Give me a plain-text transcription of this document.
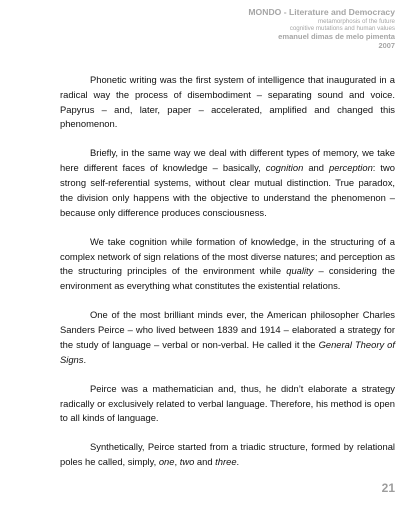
MONDO - Literature and Democracy
metamorphosis of the future
cognitive mutations and human values
emanuel dimas de melo pimenta
2007

Phonetic writing was the first system of intelligence that inaugurated in a radical way the process of disembodiment – separating sound and voice. Papyrus – and, later, paper – accelerated, amplified and changed this phenomenon.

Briefly, in the same way we deal with different types of memory, we take here different faces of knowledge – basically, cognition and perception: two strong self-referential systems, without clear mutual distinction. True paradox, the division only happens with the objective to understand the phenomenon – because only difference produces consciousness.

We take cognition while formation of knowledge, in the structuring of a complex network of sign relations of the most diverse natures; and perception as the structuring principles of the environment while quality – considering the environment as everything what constitutes the existential relations.

One of the most brilliant minds ever, the American philosopher Charles Sanders Peirce – who lived between 1839 and 1914 – elaborated a strategy for the study of language – verbal or non-verbal. He called it the General Theory of Signs.

Peirce was a mathematician and, thus, he didn’t elaborate a strategy radically or exclusively related to verbal language. Therefore, his method is open to all kinds of language.

Synthetically, Peirce started from a triadic structure, formed by relational poles he called, simply, one, two and three.

21
